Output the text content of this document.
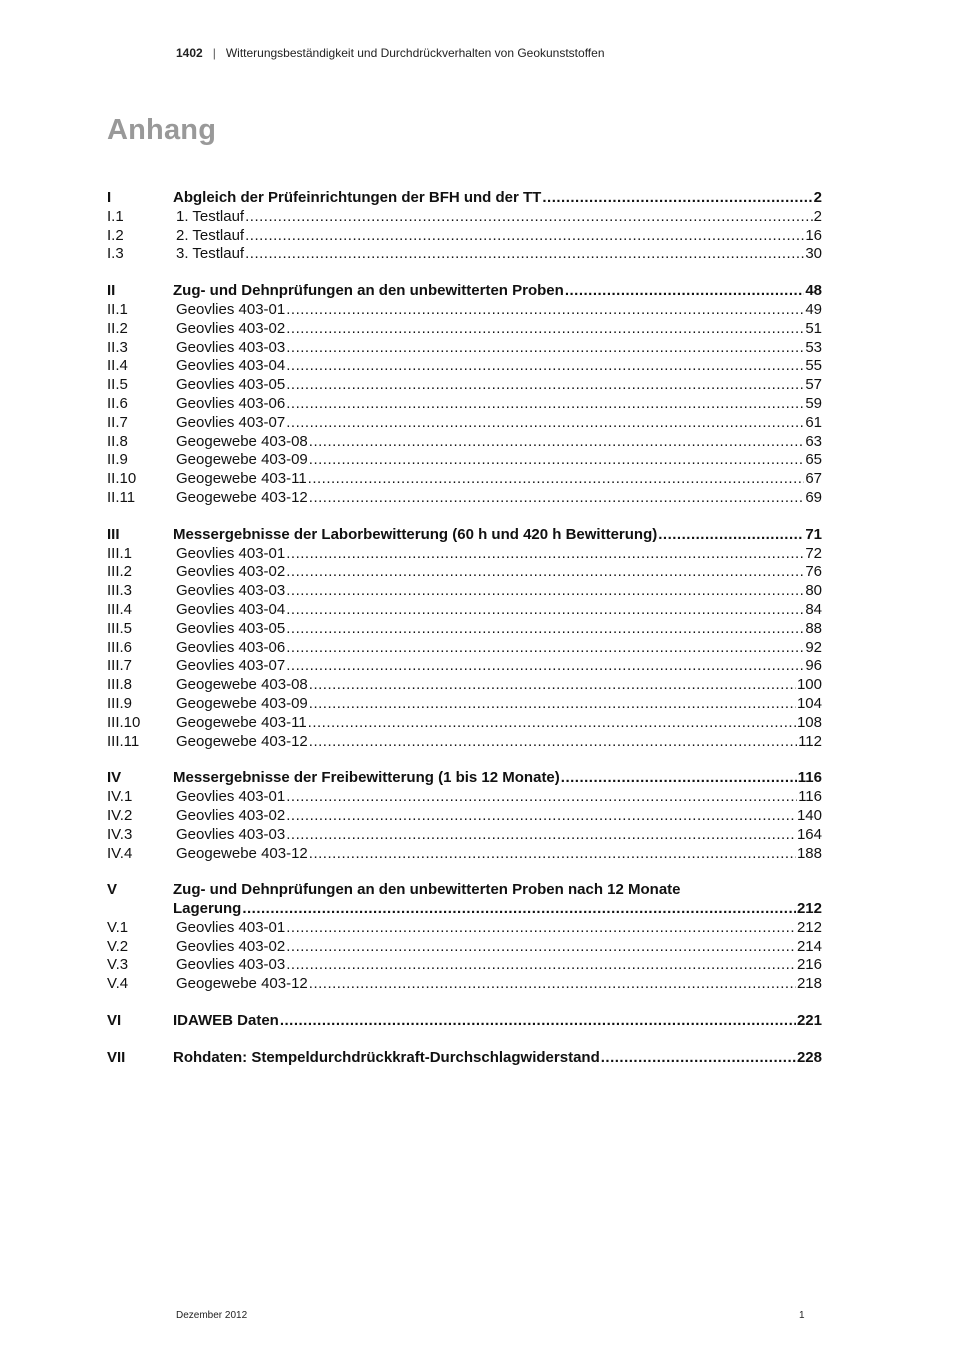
1402 | Witterungsbeständigkeit und Durchdrückverhalten von Geokunststoffen
Anhang
I	Abgleich der Prüfeinrichtungen der BFH und der TT .....	2
I.1	1. Testlauf .....	2
I.2	2. Testlauf .....	16
I.3	3. Testlauf .....	30
II	Zug- und Dehnprüfungen an den unbewitterten Proben .....	48
II.1	Geovlies 403-01 .....	49
II.2	Geovlies 403-02 .....	51
II.3	Geovlies 403-03 .....	53
II.4	Geovlies 403-04 .....	55
II.5	Geovlies 403-05 .....	57
II.6	Geovlies 403-06 .....	59
II.7	Geovlies 403-07 .....	61
II.8	Geogewebe 403-08 .....	63
II.9	Geogewebe 403-09 .....	65
II.10	Geogewebe 403-11 .....	67
II.11	Geogewebe 403-12 .....	69
III	Messergebnisse der Laborbewitterung (60 h und 420 h Bewitterung) .....	71
III.1	Geovlies 403-01 .....	72
III.2	Geovlies 403-02 .....	76
III.3	Geovlies 403-03 .....	80
III.4	Geovlies 403-04 .....	84
III.5	Geovlies 403-05 .....	88
III.6	Geovlies 403-06 .....	92
III.7	Geovlies 403-07 .....	96
III.8	Geogewebe 403-08 .....	100
III.9	Geogewebe 403-09 .....	104
III.10	Geogewebe 403-11 .....	108
III.11	Geogewebe 403-12 .....	112
IV	Messergebnisse der Freibewitterung (1 bis 12 Monate) .....	116
IV.1	Geovlies 403-01 .....	116
IV.2	Geovlies 403-02 .....	140
IV.3	Geovlies 403-03 .....	164
IV.4	Geogewebe 403-12 .....	188
V	Zug- und Dehnprüfungen an den unbewitterten Proben nach 12 Monate
Lagerung .....	212
V.1	Geovlies 403-01 .....	212
V.2	Geovlies 403-02 .....	214
V.3	Geovlies 403-03 .....	216
V.4	Geogewebe 403-12 .....	218
VI	IDAWEB Daten .....	221
VII	Rohdaten: Stempeldurchdrückkraft-Durchschlagwiderstand .....	228
Dezember 2012	1
